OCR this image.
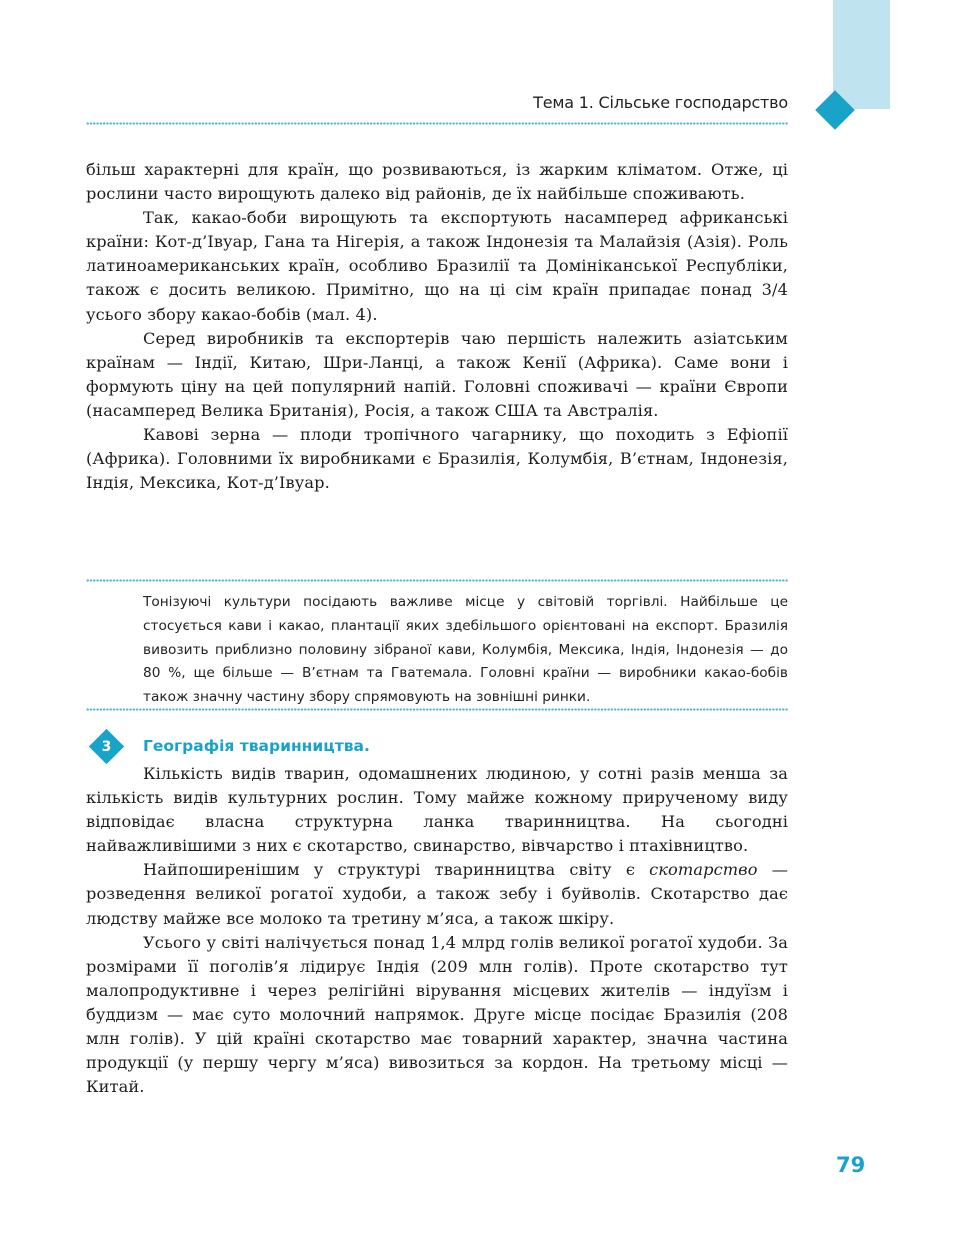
Тема 1. Сільське господарство

більш характерні для країн, що розвиваються, із жарким кліматом. Отже, ці рослини часто вирощують далеко від районів, де їх найбільше споживають.

Так, какао-боби вирощують та експортують насамперед африканські країни: Кот-д’Івуар, Гана та Нігерія, а також Індонезія та Малайзія (Азія). Роль латиноамериканських країн, особливо Бразилії та Домініканської Республіки, також є досить великою. Примітно, що на ці сім країн припадає понад 3/4 усього збору какао-бобів (мал. 4).

Серед виробників та експортерів чаю першість належить азіатським країнам — Індії, Китаю, Шри-Ланці, а також Кенії (Африка). Саме вони і формують ціну на цей популярний напій. Головні споживачі — країни Європи (насамперед Велика Британія), Росія, а також США та Австралія.

Кавові зерна — плоди тропічного чагарнику, що походить з Ефіопії (Африка). Головними їх виробниками є Бразилія, Колумбія, В’єтнам, Індонезія, Індія, Мексика, Кот-д’Івуар.

Тонізуючі культури посідають важливе місце у світовій торгівлі. Найбільше це стосується кави і какао, плантації яких здебільшого орієнтовані на експорт. Бразилія вивозить приблизно половину зібраної кави, Колумбія, Мексика, Індія, Індонезія — до 80 %, ще більше — В’єтнам та Гватемала. Головні країни — виробники какао-бобів також значну частину збору спрямовують на зовнішні ринки.
3	Географія тваринництва.

Кількість видів тварин, одомашнених людиною, у сотні разів менша за кількість видів культурних рослин. Тому майже кожному прирученому виду відповідає власна структурна ланка тваринництва. На сьогодні найважливішими з них є скотарство, свинарство, вівчарство і птахівництво.

Найпоширенішим у структурі тваринництва світу є скотарство — розведення великої рогатої худоби, а також зебу і буйволів. Скотарство дає людству майже все молоко та третину м’яса, а також шкіру.

Усього у світі налічується понад 1,4 млрд голів великої рогатої худоби. За розмірами її поголів’я лідирує Індія (209 млн голів). Проте скотарство тут малопродуктивне і через релігійні вірування місцевих жителів — індуїзм і буддизм — має суто молочний напрямок. Друге місце посідає Бразилія (208 млн голів). У цій країні скотарство має товарний характер, значна частина продукції (у першу чергу м’яса) вивозиться за кордон. На третьому місці — Китай.

79
